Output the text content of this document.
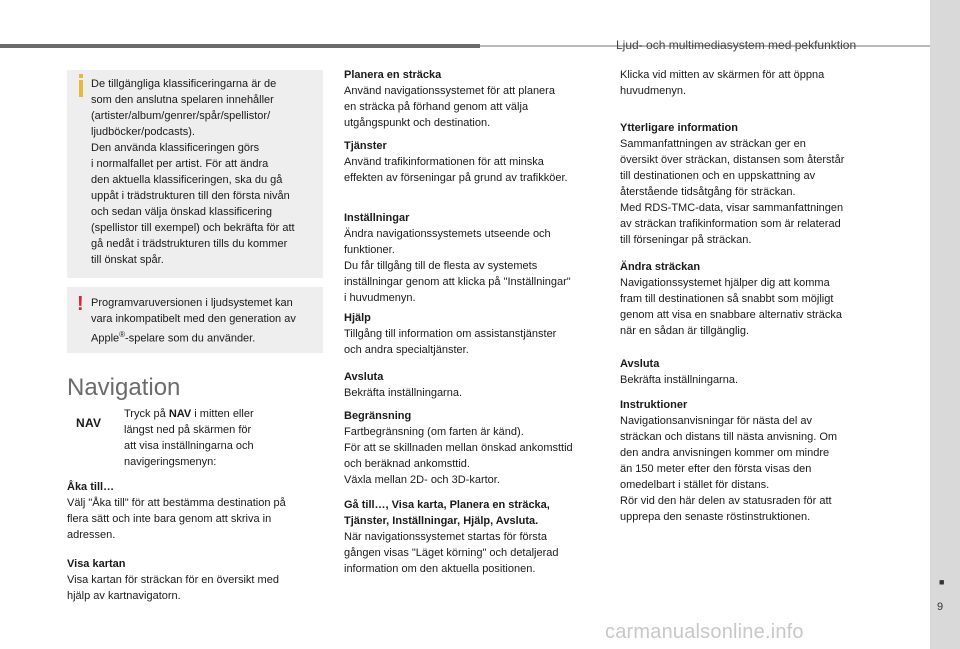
Ljud- och multimediasystem med pekfunktion
■
9
carmanualsonline.info
De tillgängliga klassificeringarna är de
som den anslutna spelaren innehåller
(artister/album/genrer/spår/spellistor/
ljudböcker/podcasts).
Den använda klassificeringen görs
i normalfallet per artist. För att ändra
den aktuella klassificeringen, ska du gå
uppåt i trädstrukturen till den första nivån
och sedan välja önskad klassificering
(spellistor till exempel) och bekräfta för att
gå nedåt i trädstrukturen tills du kommer
till önskat spår.
! Programvaruversionen i ljudsystemet kan
vara inkompatibelt med den generation av
Apple®-spelare som du använder.
Navigation
NAV
Tryck på NAV i mitten eller
längst ned på skärmen för
att visa inställningarna och
navigeringsmenyn:
Åka till…
Välj "Åka till" för att bestämma destination på
flera sätt och inte bara genom att skriva in
adressen.
Visa kartan
Visa kartan för sträckan för en översikt med
hjälp av kartnavigatorn.
Planera en sträcka
Använd navigationssystemet för att planera
en sträcka på förhand genom att välja
utgångspunkt och destination.
Tjänster
Använd trafikinformationen för att minska
effekten av förseningar på grund av trafikköer.
Inställningar
Ändra navigationssystemets utseende och
funktioner.
Du får tillgång till de flesta av systemets
inställningar genom att klicka på "Inställningar"
i huvudmenyn.
Hjälp
Tillgång till information om assistanstjänster
och andra specialtjänster.
Avsluta
Bekräfta inställningarna.
Begränsning
Fartbegränsning (om farten är känd).
För att se skillnaden mellan önskad ankomsttid
och beräknad ankomsttid.
Växla mellan 2D- och 3D-kartor.
Gå till…, Visa karta, Planera en sträcka,
Tjänster, Inställningar, Hjälp, Avsluta.
När navigationssystemet startas för första
gången visas "Läget körning" och detaljerad
information om den aktuella positionen.
Klicka vid mitten av skärmen för att öppna
huvudmenyn.
Ytterligare information
Sammanfattningen av sträckan ger en
översikt över sträckan, distansen som återstår
till destinationen och en uppskattning av
återstående tidsåtgång för sträckan.
Med RDS-TMC-data, visar sammanfattningen
av sträckan trafikinformation som är relaterad
till förseningar på sträckan.
Ändra sträckan
Navigationssystemet hjälper dig att komma
fram till destinationen så snabbt som möjligt
genom att visa en snabbare alternativ sträcka
när en sådan är tillgänglig.
Avsluta
Bekräfta inställningarna.
Instruktioner
Navigationsanvisningar för nästa del av
sträckan och distans till nästa anvisning. Om
den andra anvisningen kommer om mindre
än 150 meter efter den första visas den
omedelbart i stället för distans.
Rör vid den här delen av statusraden för att
upprepa den senaste röstinstruktionen.
